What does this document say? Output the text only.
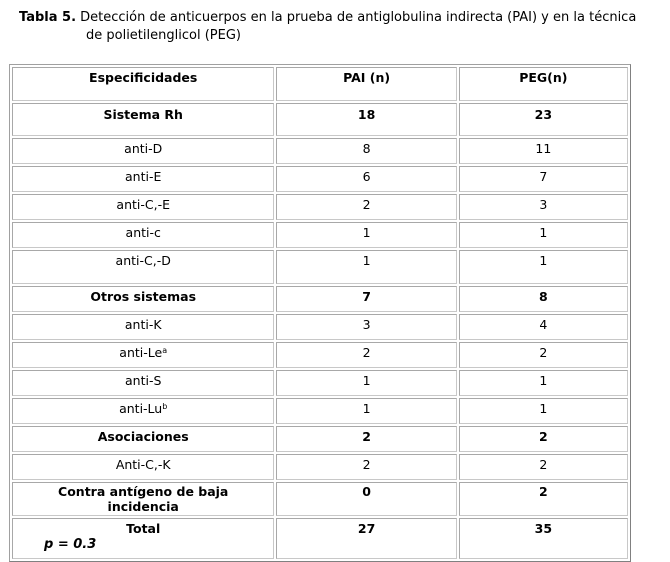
Tabla 5. Detección de anticuerpos en la prueba de antiglobulina indirecta (PAI) y en la técnica
de polietilenglicol (PEG)
Especificidades	PAI (n)	PEG(n)
Sistema Rh	18	23
anti-D	8	11
anti-E	6	7
anti-C,-E	2	3
anti-c	1	1
anti-C,-D	1	1
Otros sistemas	7	8
anti-K	3	4
anti-Le$^a$	2	2
anti-S	1	1
anti-Lu$^b$	1	1
Asociaciones	2	2
Anti-C,-K	2	2
Contra antígeno de baja
incidencia	0	2
Total	27	35
p = 0.3
